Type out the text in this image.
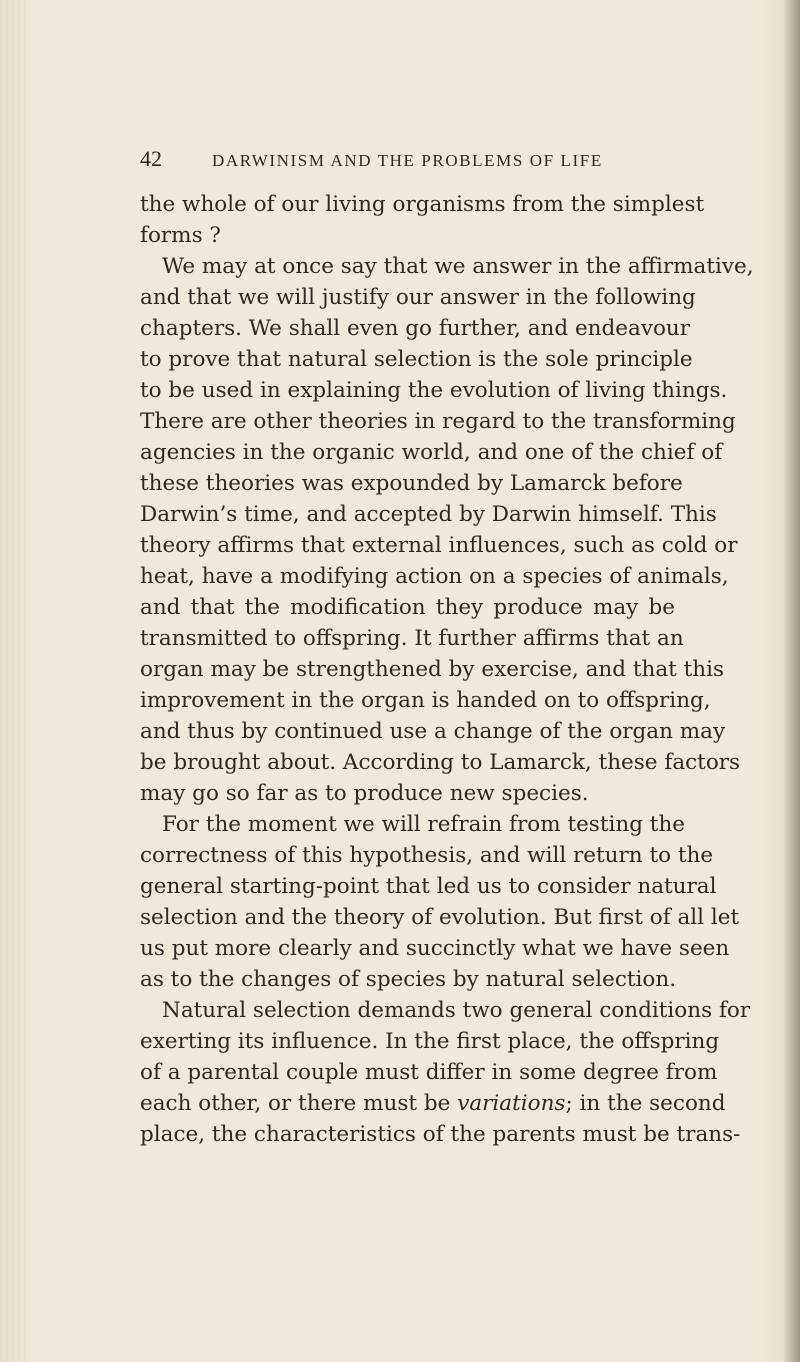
42	DARWINISM AND THE PROBLEMS OF LIFE
the whole of our living organisms from the simplest
forms ?
We may at once say that we answer in the affirmative,
and that we will justify our answer in the following
chapters. We shall even go further, and endeavour
to prove that natural selection is the sole principle
to be used in explaining the evolution of living things.
There are other theories in regard to the transforming
agencies in the organic world, and one of the chief of
these theories was expounded by Lamarck before
Darwin’s time, and accepted by Darwin himself. This
theory affirms that external influences, such as cold or
heat, have a modifying action on a species of animals,
and that the modification they produce may be
transmitted to offspring. It further affirms that an
organ may be strengthened by exercise, and that this
improvement in the organ is handed on to offspring,
and thus by continued use a change of the organ may
be brought about. According to Lamarck, these factors
may go so far as to produce new species.
For the moment we will refrain from testing the
correctness of this hypothesis, and will return to the
general starting-point that led us to consider natural
selection and the theory of evolution. But first of all let
us put more clearly and succinctly what we have seen
as to the changes of species by natural selection.
Natural selection demands two general conditions for
exerting its influence. In the first place, the offspring
of a parental couple must differ in some degree from
each other, or there must be variations; in the second
place, the characteristics of the parents must be trans-
